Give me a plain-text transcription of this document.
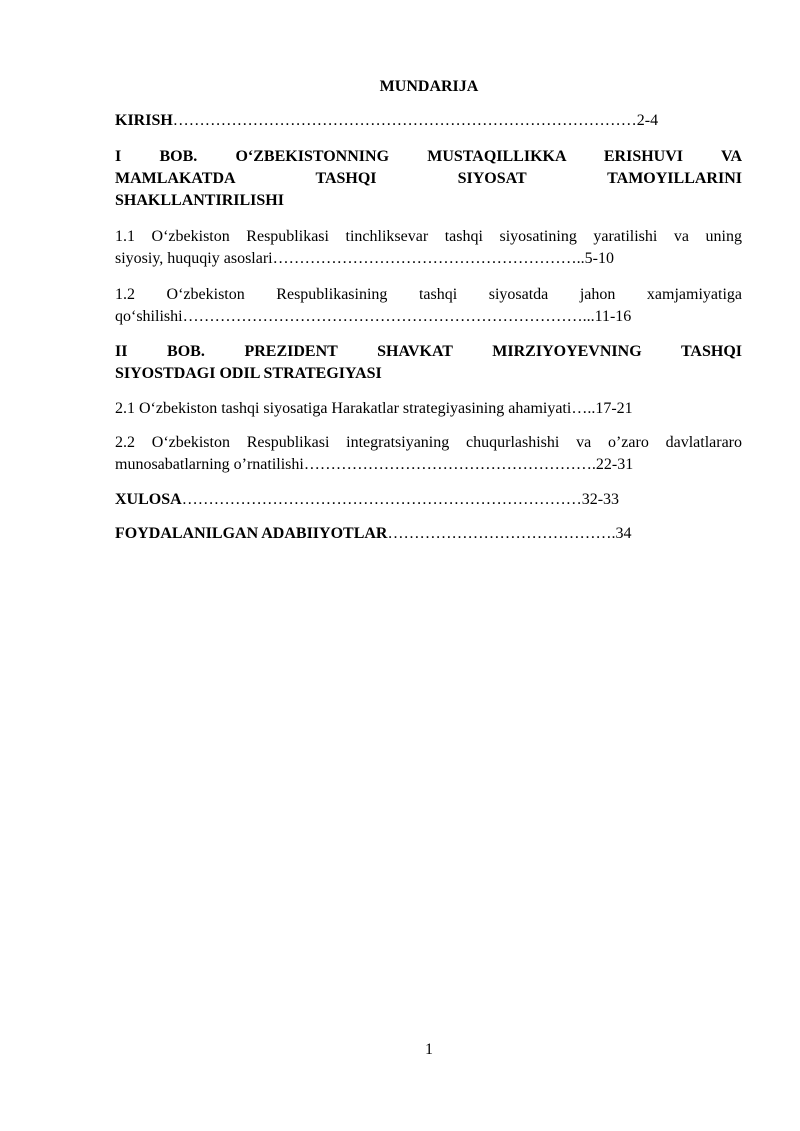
MUNDARIJA
KIRISH……………………………………………………………………………2-4
I BOB. O‘ZBEKISTONNING MUSTAQILLIKKA ERISHUVI VA
MAMLAKATDA TASHQI SIYOSAT TAMOYILLARINI
SHAKLLANTIRILISHI
1.1 O‘zbekiston Respublikasi tinchliksevar tashqi siyosatining yaratilishi va uning
siyosiy, huquqiy asoslari…………………………………………………..5-10
1.2 O‘zbekiston Respublikasining tashqi siyosatda jahon xamjamiyatiga
qo‘shilishi…………………………………………………………………...11-16
II BOB. PREZIDENT SHAVKAT MIRZIYOYEVNING TASHQI
SIYOSTDAGI ODIL STRATEGIYASI
2.1 O‘zbekiston tashqi siyosatiga Harakatlar strategiyasining ahamiyati…..17-21
2.2 O‘zbekiston Respublikasi integratsiyaning chuqurlashishi va o’zaro davlatlararo
munosabatlarning o’rnatilishi……………………………………………….22-31
XULOSA…………………………………………………………………32-33
FOYDALANILGAN ADABIIYOTLAR…………………………………….34
1
